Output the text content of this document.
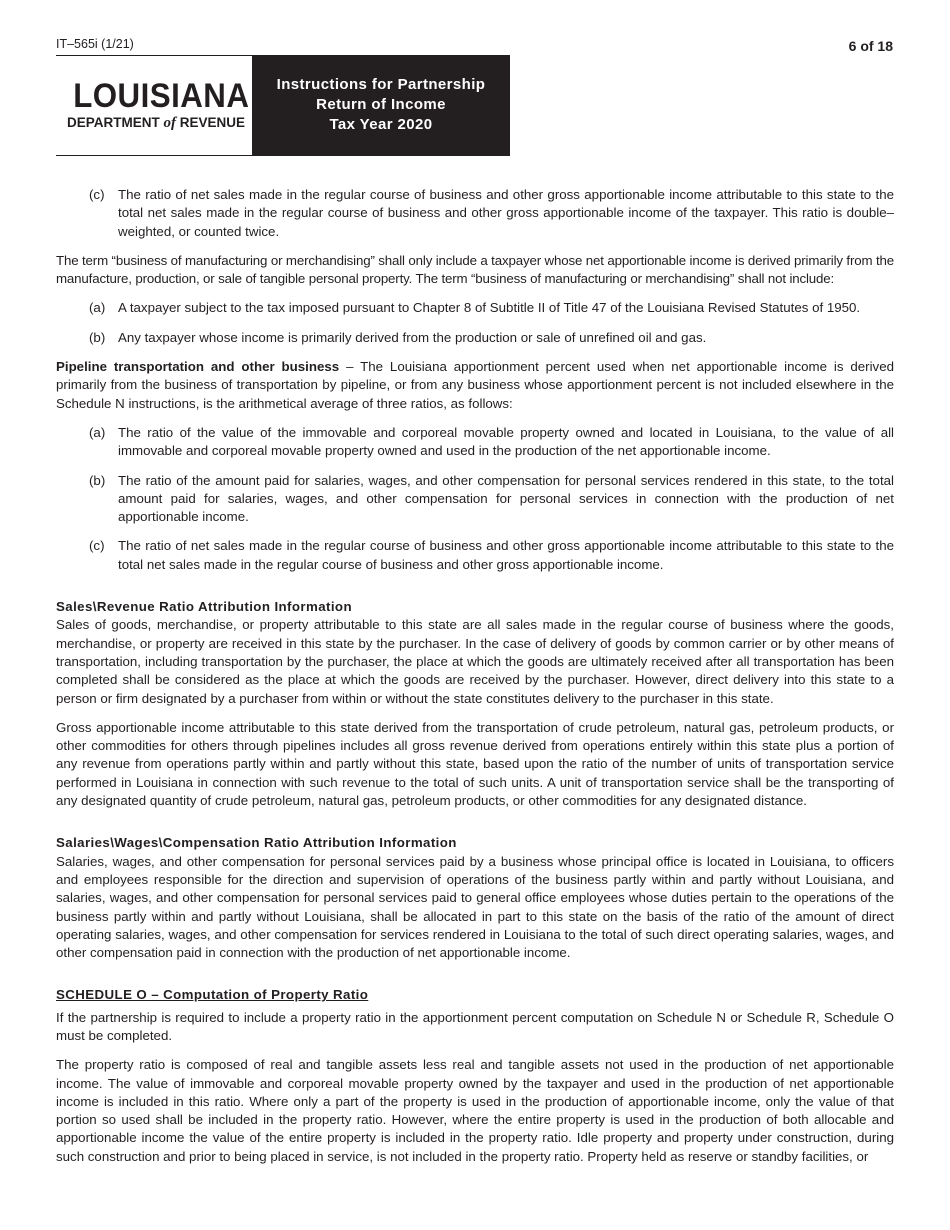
IT–565i (1/21)	6 of 18
LOUISIANA
DEPARTMENT of REVENUE
Instructions for Partnership
Return of Income
Tax Year 2020
(c)	The ratio of net sales made in the regular course of business and other gross apportionable income attributable to this state to the total net sales made in the regular course of business and other gross apportionable income of the taxpayer. This ratio is double–weighted, or counted twice.

The term “business of manufacturing or merchandising” shall only include a taxpayer whose net apportionable income is derived primarily from the manufacture, production, or sale of tangible personal property. The term “business of manufacturing or merchandising” shall not include:

(a) A taxpayer subject to the tax imposed pursuant to Chapter 8 of Subtitle II of Title 47 of the Louisiana Revised Statutes of 1950.
(b) Any taxpayer whose income is primarily derived from the production or sale of unrefined oil and gas.

Pipeline transportation and other business – The Louisiana apportionment percent used when net apportionable income is derived primarily from the business of transportation by pipeline, or from any business whose apportionment percent is not included elsewhere in the Schedule N instructions, is the arithmetical average of three ratios, as follows:

(a) The ratio of the value of the immovable and corporeal movable property owned and located in Louisiana, to the value of all immovable and corporeal movable property owned and used in the production of the net apportionable income.
(b) The ratio of the amount paid for salaries, wages, and other compensation for personal services rendered in this state, to the total amount paid for salaries, wages, and other compensation for personal services in connection with the production of net apportionable income.
(c)	The ratio of net sales made in the regular course of business and other gross apportionable income attributable to this state to the total net sales made in the regular course of business and other gross apportionable income.
Sales\Revenue Ratio Attribution Information

Sales of goods, merchandise, or property attributable to this state are all sales made in the regular course of business where the goods, merchandise, or property are received in this state by the purchaser. In the case of delivery of goods by common carrier or by other means of transportation, including transportation by the purchaser, the place at which the goods are ultimately received after all transportation has been completed shall be considered as the place at which the goods are received by the purchaser. However, direct delivery into this state to a person or firm designated by a purchaser from within or without the state constitutes delivery to the purchaser in this state.

Gross apportionable income attributable to this state derived from the transportation of crude petroleum, natural gas, petroleum products, or other commodities for others through pipelines includes all gross revenue derived from operations entirely within this state plus a portion of any revenue from operations partly within and partly without this state, based upon the ratio of the number of units of transportation service performed in Louisiana in connection with such revenue to the total of such units. A unit of transportation service shall be the transporting of any designated quantity of crude petroleum, natural gas, petroleum products, or other commodities for any designated distance.

Salaries\Wages\Compensation Ratio Attribution Information

Salaries, wages, and other compensation for personal services paid by a business whose principal office is located in Louisiana, to officers and employees responsible for the direction and supervision of operations of the business partly within and partly without Louisiana, and salaries, wages, and other compensation for personal services paid to general office employees whose duties pertain to the operations of the business partly within and partly without Louisiana, shall be allocated in part to this state on the basis of the ratio of the amount of direct operating salaries, wages, and other compensation for services rendered in Louisiana to the total of such direct operating salaries, wages, and other compensation paid in connection with the production of net apportionable income.

SCHEDULE O – Computation of Property Ratio

If the partnership is required to include a property ratio in the apportionment percent computation on Schedule N or Schedule R, Schedule O must be completed.

The property ratio is composed of real and tangible assets less real and tangible assets not used in the production of net apportionable income. The value of immovable and corporeal movable property owned by the taxpayer and used in the production of net apportionable income is included in this ratio. Where only a part of the property is used in the production of apportionable income, only the value of that portion so used shall be included in the property ratio. However, where the entire property is used in the production of both allocable and apportionable income the value of the entire property is included in the property ratio. Idle property and property under construction, during such construction and prior to being placed in service, is not included in the property ratio. Property held as reserve or standby facilities, or
